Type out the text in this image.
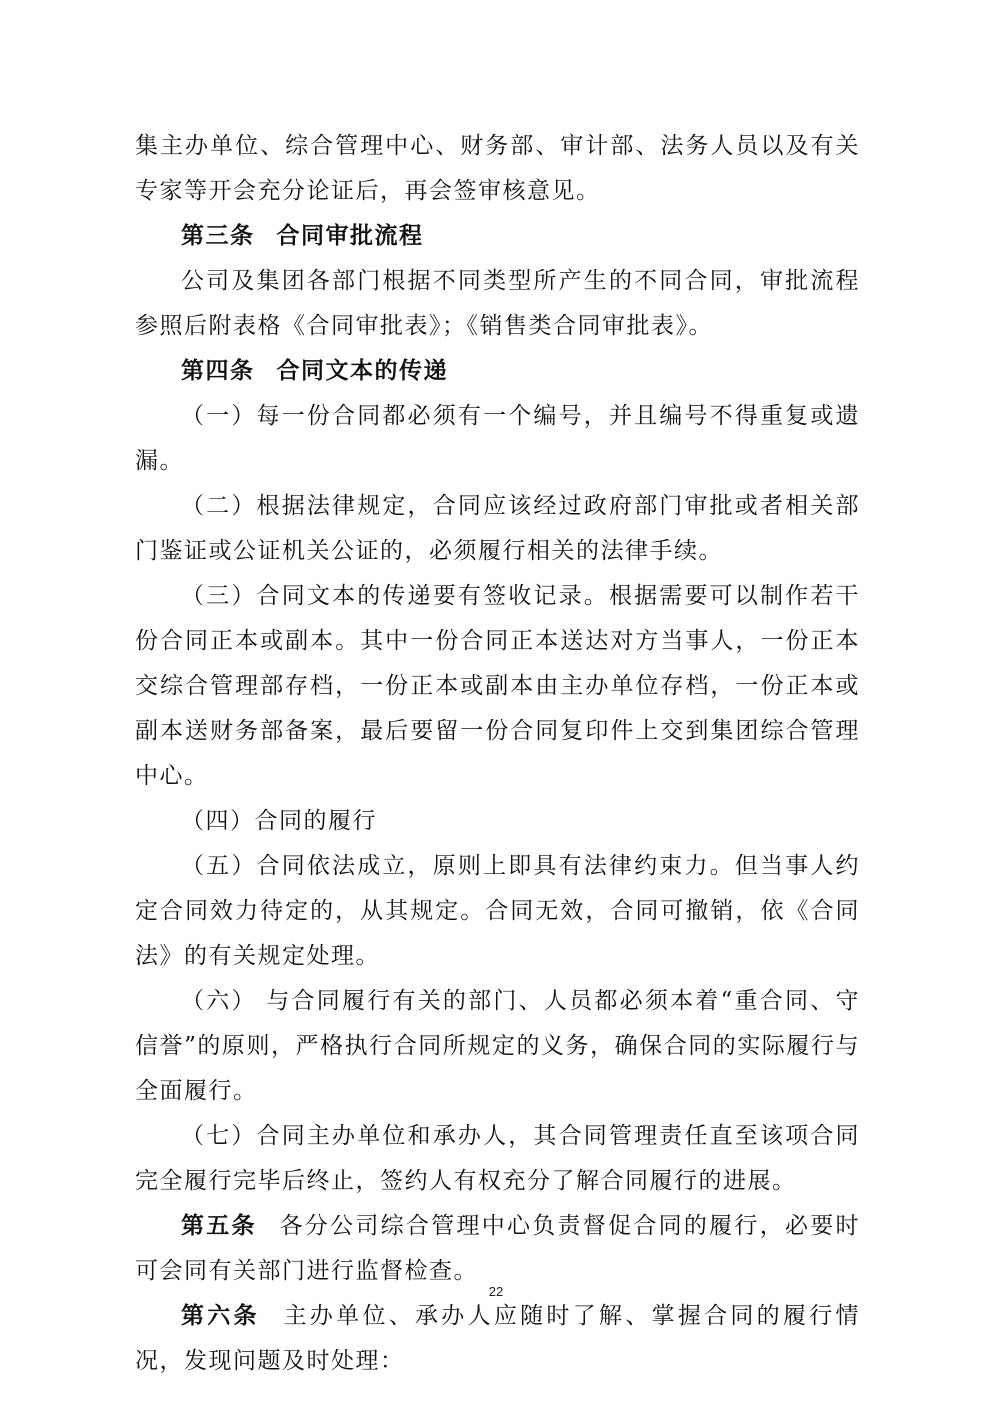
集主办单位、综合管理中心、财务部、审计部、法务人员以及有关专家等开会充分论证后，再会签审核意见。

第三条 合同审批流程

公司及集团各部门根据不同类型所产生的不同合同，审批流程参照后附表格《合同审批表》；《销售类合同审批表》。

第四条 合同文本的传递

（一）每一份合同都必须有一个编号，并且编号不得重复或遗漏。

（二）根据法律规定，合同应该经过政府部门审批或者相关部门鉴证或公证机关公证的，必须履行相关的法律手续。

（三）合同文本的传递要有签收记录。根据需要可以制作若干份合同正本或副本。其中一份合同正本送达对方当事人，一份正本交综合管理部存档，一份正本或副本由主办单位存档，一份正本或副本送财务部备案，最后要留一份合同复印件上交到集团综合管理中心。

（四）合同的履行

（五）合同依法成立，原则上即具有法律约束力。但当事人约定合同效力待定的，从其规定。合同无效，合同可撤销，依《合同法》的有关规定处理。

（六） 与合同履行有关的部门、人员都必须本着“重合同、守信誉”的原则，严格执行合同所规定的义务，确保合同的实际履行与全面履行。

（七）合同主办单位和承办人，其合同管理责任直至该项合同完全履行完毕后终止，签约人有权充分了解合同履行的进展。

第五条 各分公司综合管理中心负责督促合同的履行，必要时可会同有关部门进行监督检查。

第六条 主办单位、承办人应随时了解、掌握合同的履行情况，发现问题及时处理：

22
